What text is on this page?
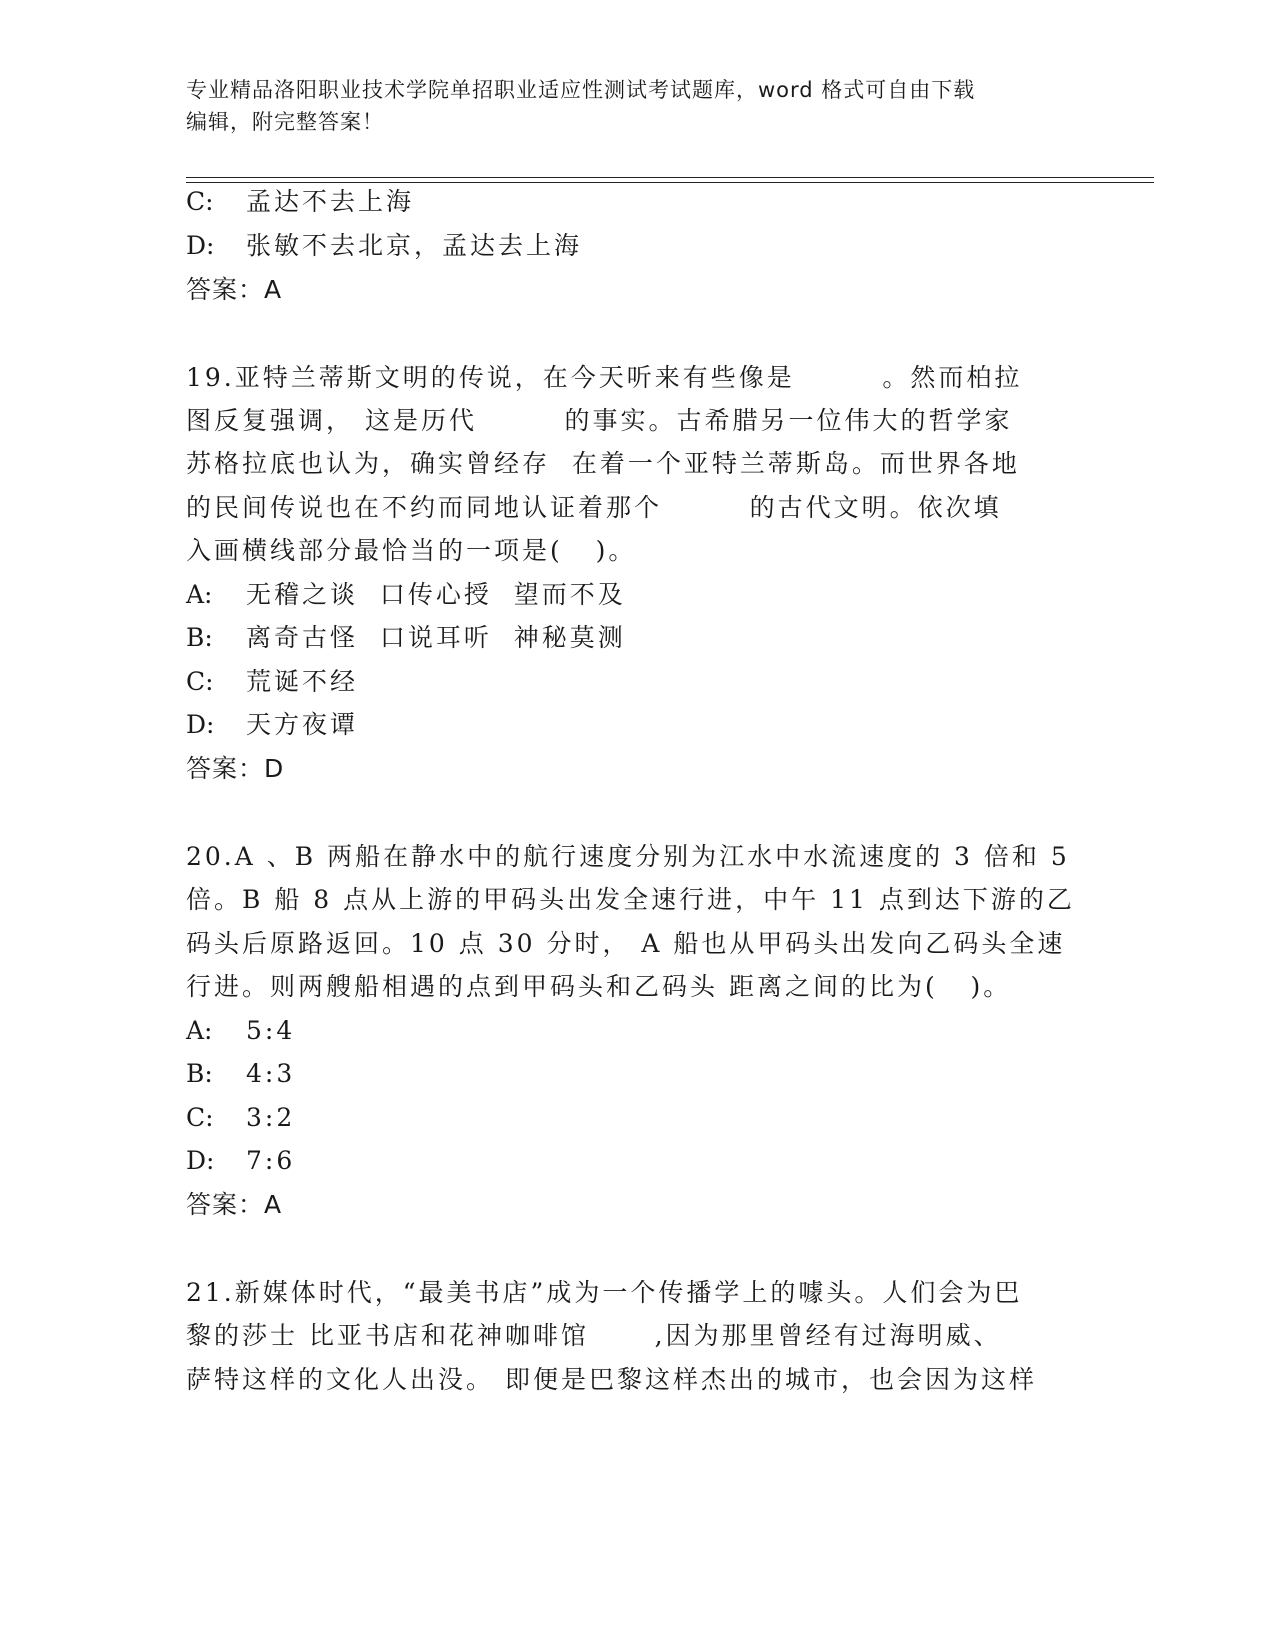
专业精品洛阳职业技术学院单招职业适应性测试考试题库，word 格式可自由下载
编辑，附完整答案！
C: 孟达不去上海
D: 张敏不去北京，孟达去上海
答案：A
19.亚特兰蒂斯文明的传说，在今天听来有些像是        。然而柏拉
图反复强调， 这是历代        的事实。古希腊另一位伟大的哲学家
苏格拉底也认为，确实曾经存  在着一个亚特兰蒂斯岛。而世界各地
的民间传说也在不约而同地认证着那个        的古代文明。依次填
入画横线部分最恰当的一项是(   )。
A: 无稽之谈  口传心授  望而不及
B: 离奇古怪  口说耳听  神秘莫测
C: 荒诞不经
D: 天方夜谭
答案：D
20.A 、B 两船在静水中的航行速度分别为江水中水流速度的 3 倍和 5
倍。B 船 8 点从上游的甲码头出发全速行进，中午 11 点到达下游的乙
码头后原路返回。10 点 30 分时， A 船也从甲码头出发向乙码头全速
行进。则两艘船相遇的点到甲码头和乙码头 距离之间的比为(   )。
A: 5:4
B: 4:3
C: 3:2
D: 7:6
答案：A
21.新媒体时代，“最美书店”成为一个传播学上的噱头。人们会为巴
黎的莎士 比亚书店和花神咖啡馆      ,因为那里曾经有过海明威、
萨特这样的文化人出没。 即便是巴黎这样杰出的城市，也会因为这样
